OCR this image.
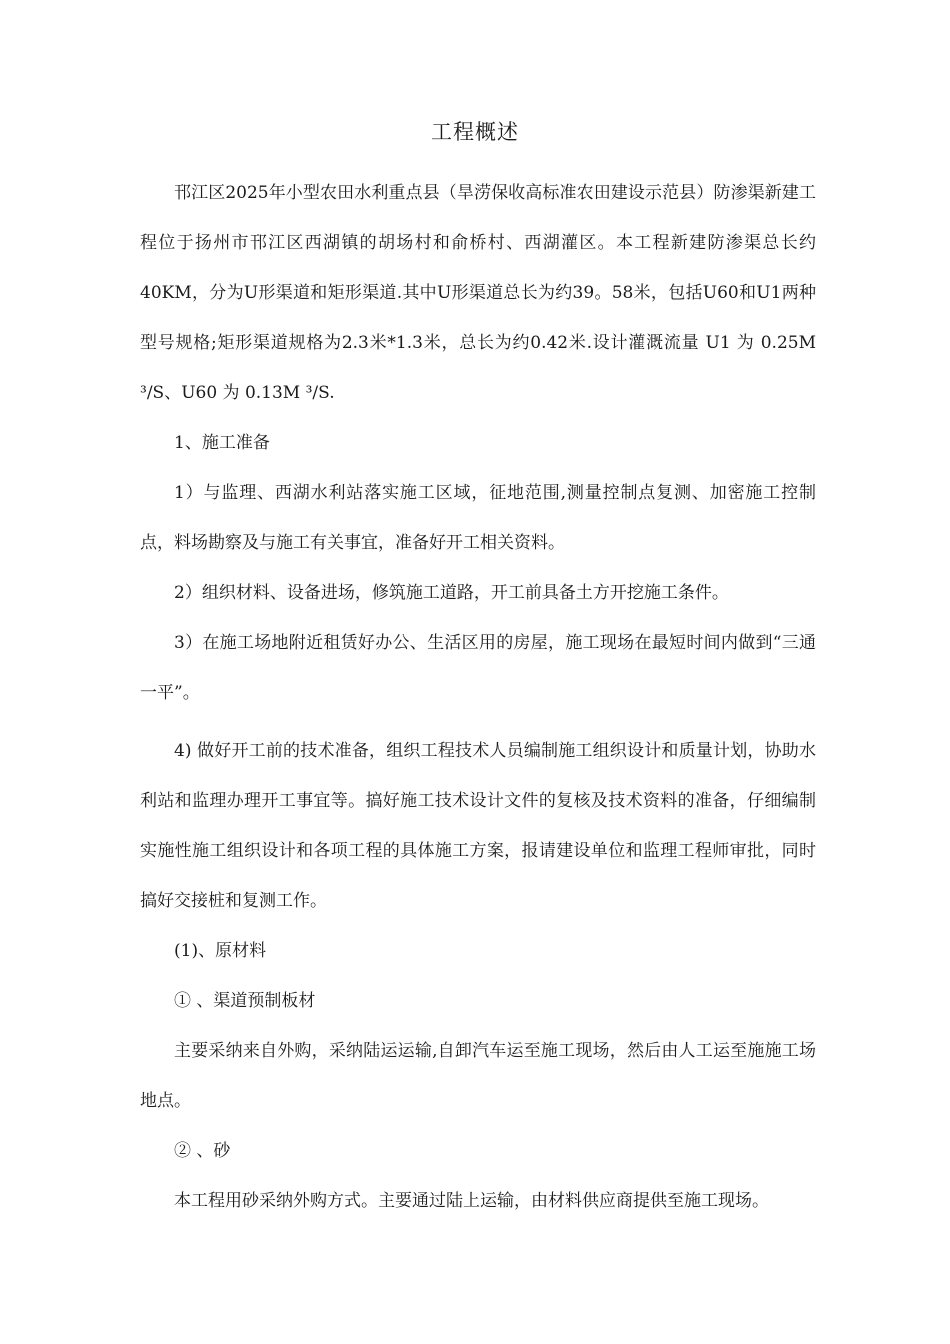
工程概述

邗江区2025年小型农田水利重点县（旱涝保收高标准农田建设示范县）防渗渠新建工程位于扬州市邗江区西湖镇的胡场村和俞桥村、西湖灌区。本工程新建防渗渠总长约40KM，分为U形渠道和矩形渠道.其中U形渠道总长为约39。58米，包括U60和U1两种型号规格;矩形渠道规格为2.3米*1.3米，总长为约0.42米.设计灌溉流量 U1 为 0.25M ³/S、U60 为 0.13M ³/S.

1、施工准备

1）与监理、西湖水利站落实施工区域，征地范围,测量控制点复测、加密施工控制点，料场勘察及与施工有关事宜，准备好开工相关资料。

2）组织材料、设备进场，修筑施工道路，开工前具备土方开挖施工条件。

3）在施工场地附近租赁好办公、生活区用的房屋，施工现场在最短时间内做到“三通一平”。

4) 做好开工前的技术准备，组织工程技术人员编制施工组织设计和质量计划，协助水利站和监理办理开工事宜等。搞好施工技术设计文件的复核及技术资料的准备，仔细编制实施性施工组织设计和各项工程的具体施工方案，报请建设单位和监理工程师审批，同时搞好交接桩和复测工作。

(1)、原材料

① 、渠道预制板材

主要采纳来自外购，采纳陆运运输,自卸汽车运至施工现场，然后由人工运至施施工场地点。

② 、砂

本工程用砂采纳外购方式。主要通过陆上运输，由材料供应商提供至施工现场。
